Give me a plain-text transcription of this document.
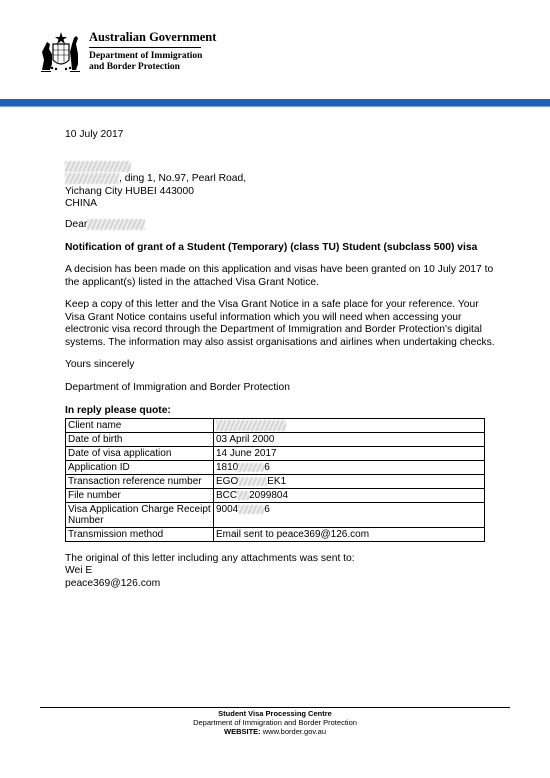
Australian Government
Department of Immigration
and Border Protection

10 July 2017

, ding 1, No.97, Pearl Road,

Yichang City HUBEI 443000

CHINA

Dear

Notification of grant of a Student (Temporary) (class TU) Student (subclass 500) visa

A decision has been made on this application and visas have been granted on 10 July 2017 to the applicant(s) listed in the attached Visa Grant Notice.

Keep a copy of this letter and the Visa Grant Notice in a safe place for your reference. Your Visa Grant Notice contains useful information which you will need when accessing your electronic visa record through the Department of Immigration and Border Protection's digital systems. The information may also assist organisations and airlines when undertaking checks.

Yours sincerely

Department of Immigration and Border Protection

In reply please quote:

Client name	
Date of birth	03 April 2000
Date of visa application	14 June 2017
Application ID	1810 6
Transaction reference number	EGO EK1
File number	BCC 2099804
Visa Application Charge Receipt Number	9004 6
Transmission method	Email sent to peace369@126.com

The original of this letter including any attachments was sent to:

Wei E

peace369@126.com

Student Visa Processing Centre
Department of Immigration and Border Protection
WEBSITE: www.border.gov.au
